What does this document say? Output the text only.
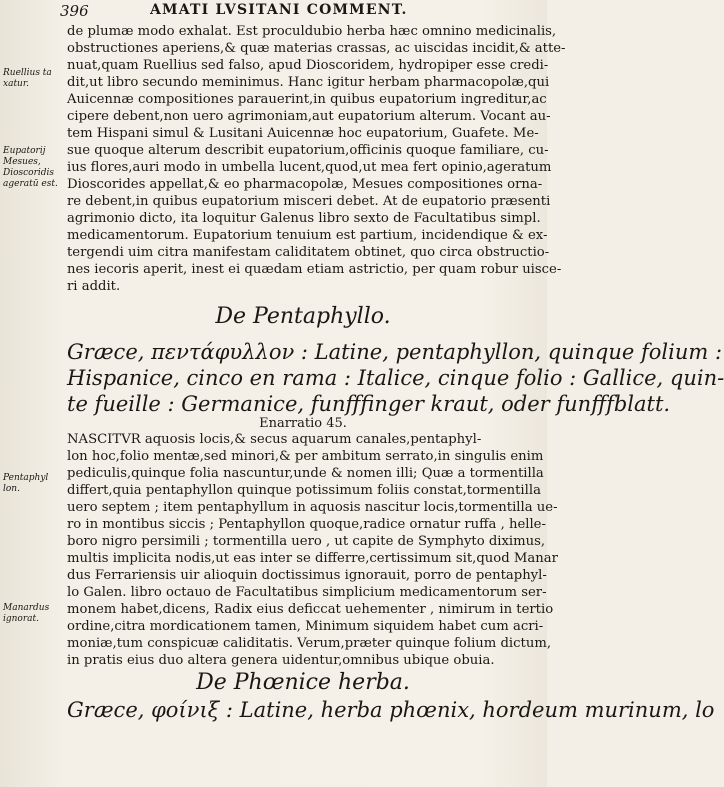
396	AMATI LVSITANI COMMENT.
Ruellius ta
xatur.
Eupatorij
Mesues,
Dioscoridis
ageratū est.
Pentaphyl
lon.
Manardus
ignorat.
de plumæ modo exhalat. Est proculdubio herba hæc omnino medicinalis,
obstructiones aperiens,& quæ materias crassas, ac uiscidas incidit,& atte-
nuat,quam Ruellius sed falso, apud Dioscoridem, hydropiper esse credi-
dit,ut libro secundo meminimus. Hanc igitur herbam pharmacopolæ,qui
Auicennæ compositiones parauerint,in quibus eupatorium ingreditur,ac
cipere debent,non uero agrimoniam,aut eupatorium alterum. Vocant au-
tem Hispani simul & Lusitani Auicennæ hoc eupatorium, Guafete. Me-
sue quoque alterum describit eupatorium,officinis quoque familiare, cu-
ius flores,auri modo in umbella lucent,quod,ut mea fert opinio,ageratum
Dioscorides appellat,& eo pharmacopolæ, Mesues compositiones orna-
re debent,in quibus eupatorium misceri debet. At de eupatorio præsenti
agrimonio dicto, ita loquitur Galenus libro sexto de Facultatibus simpl.
medicamentorum. Eupatorium tenuium est partium, incidendique & ex-
tergendi uim citra manifestam caliditatem obtinet, quo circa obstructio-
nes iecoris aperit, inest ei quædam etiam astrictio, per quam robur uisce-
ri addit.
De Pentaphyllo.
Græce, πεντάφυλλον : Latine, pentaphyllon, quinque folium :
Hispanice, cinco en rama : Italice, cinque folio : Gallice, quin-
te fueille : Germanice, funfffinger kraut, oder funfffblatt.
Enarratio 45.
NASCITVR aquosis locis,& secus aquarum canales,pentaphyl-
lon hoc,folio mentæ,sed minori,& per ambitum serrato,in singulis enim
pediculis,quinque folia nascuntur,unde & nomen illi; Quæ a tormentilla
differt,quia pentaphyllon quinque potissimum foliis constat,tormentilla
uero septem ; item pentaphyllum in aquosis nascitur locis,tormentilla ue-
ro in montibus siccis ; Pentaphyllon quoque,radice ornatur ruffa , helle-
boro nigro persimili ; tormentilla uero , ut capite de Symphyto diximus,
multis implicita nodis,ut eas inter se differre,certissimum sit,quod Manar
dus Ferrariensis uir alioquin doctissimus ignorauit, porro de pentaphyl-
lo Galen. libro octauo de Facultatibus simplicium medicamentorum ser-
monem habet,dicens, Radix eius deficcat uehementer , nimirum in tertio
ordine,citra mordicationem tamen, Minimum siquidem habet cum acri-
moniæ,tum conspicuæ caliditatis. Verum,præter quinque folium dictum,
in pratis eius duo altera genera uidentur,omnibus ubique obuia.
De Phœnice herba.
Græce, φοίνιξ : Latine, herba phœnix, hordeum murinum, lo
